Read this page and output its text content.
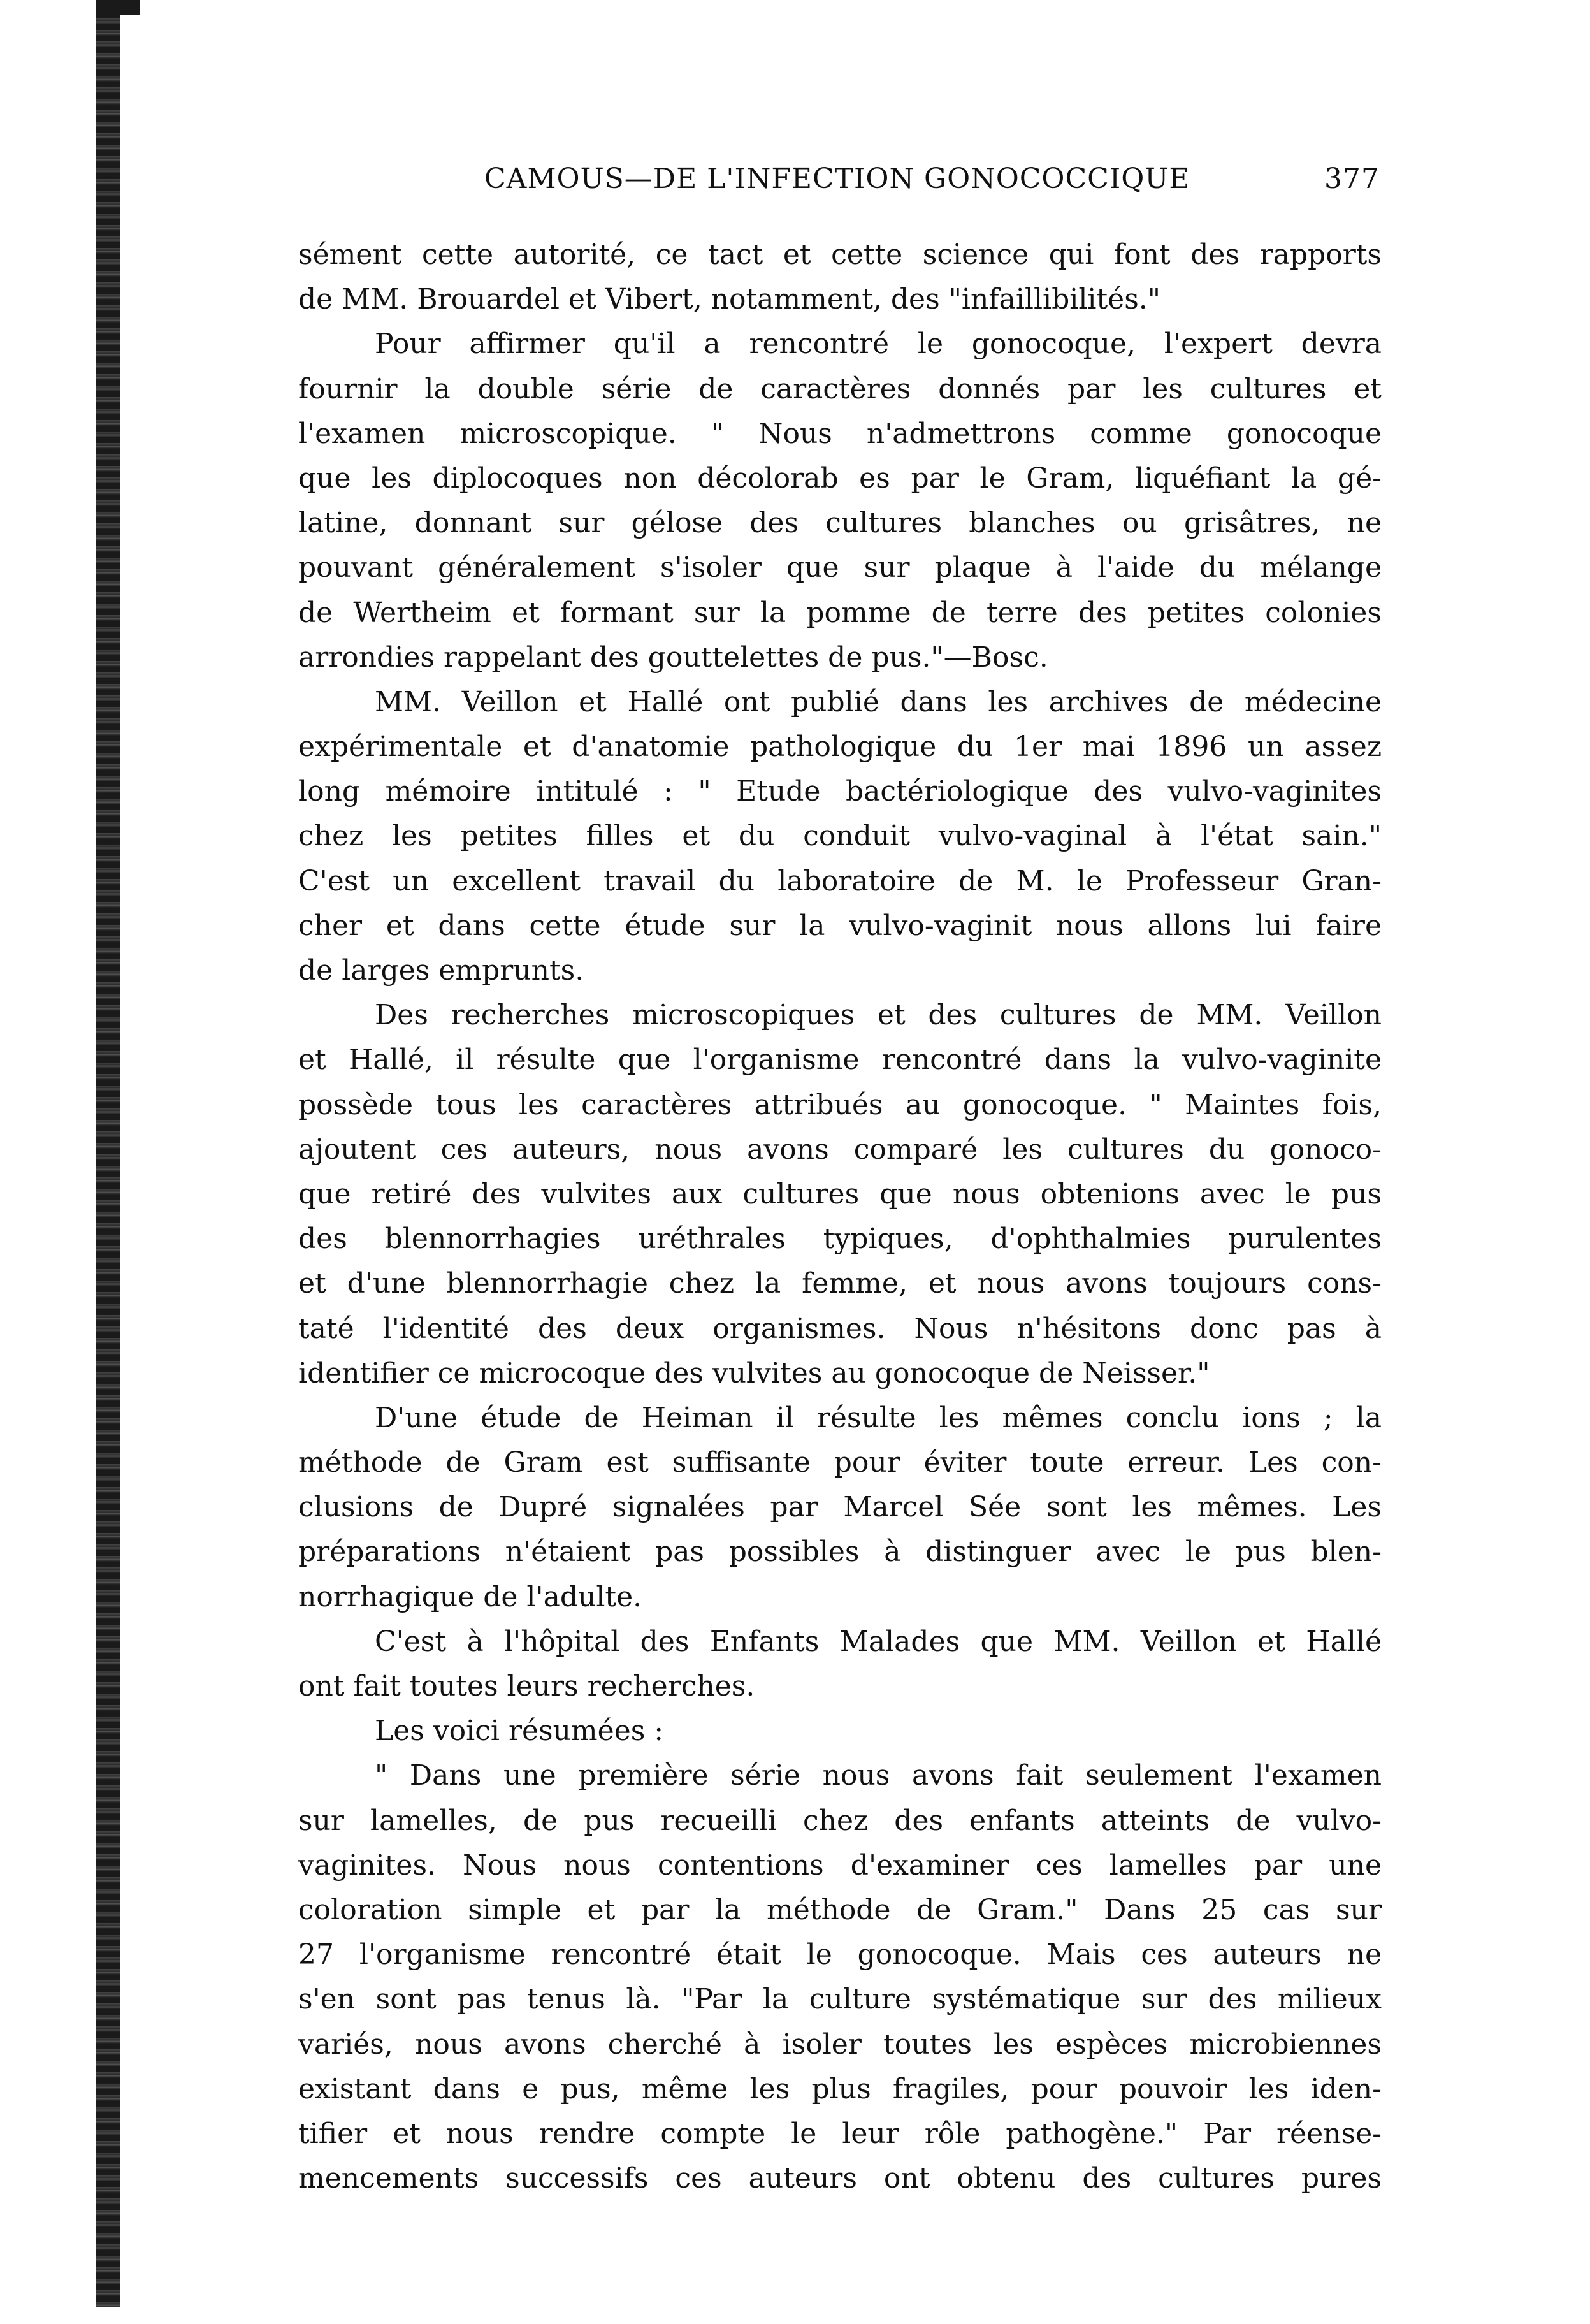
CAMOUS—DE L'INFECTION GONOCOCCIQUE	377
sément cette autorité, ce tact et cette science qui font des rapports
de MM. Brouardel et Vibert, notamment, des "infaillibilités."
Pour affirmer qu'il a rencontré le gonocoque, l'expert devra
fournir la double série de caractères donnés par les cultures et
l'examen microscopique. " Nous n'admettrons comme gonocoque
que les diplocoques non décolorab es par le Gram, liquéfiant la gé-
latine, donnant sur gélose des cultures blanches ou grisâtres, ne
pouvant généralement s'isoler que sur plaque à l'aide du mélange
de Wertheim et formant sur la pomme de terre des petites colonies
arrondies rappelant des gouttelettes de pus."—Bosc.
MM. Veillon et Hallé ont publié dans les archives de médecine
expérimentale et d'anatomie pathologique du 1er mai 1896 un assez
long mémoire intitulé : " Etude bactériologique des vulvo-vaginites
chez les petites filles et du conduit vulvo-vaginal à l'état sain."
C'est un excellent travail du laboratoire de M. le Professeur Gran-
cher et dans cette étude sur la vulvo-vaginit nous allons lui faire
de larges emprunts.
Des recherches microscopiques et des cultures de MM. Veillon
et Hallé, il résulte que l'organisme rencontré dans la vulvo-vaginite
possède tous les caractères attribués au gonocoque. " Maintes fois,
ajoutent ces auteurs, nous avons comparé les cultures du gonoco-
que retiré des vulvites aux cultures que nous obtenions avec le pus
des blennorrhagies uréthrales typiques, d'ophthalmies purulentes
et d'une blennorrhagie chez la femme, et nous avons toujours cons-
taté l'identité des deux organismes. Nous n'hésitons donc pas à
identifier ce microcoque des vulvites au gonocoque de Neisser."
D'une étude de Heiman il résulte les mêmes conclu ions ; la
méthode de Gram est suffisante pour éviter toute erreur. Les con-
clusions de Dupré signalées par Marcel Sée sont les mêmes. Les
préparations n'étaient pas possibles à distinguer avec le pus blen-
norrhagique de l'adulte.
C'est à l'hôpital des Enfants Malades que MM. Veillon et Hallé
ont fait toutes leurs recherches.
Les voici résumées :
" Dans une première série nous avons fait seulement l'examen
sur lamelles, de pus recueilli chez des enfants atteints de vulvo-
vaginites. Nous nous contentions d'examiner ces lamelles par une
coloration simple et par la méthode de Gram." Dans 25 cas sur
27 l'organisme rencontré était le gonocoque. Mais ces auteurs ne
s'en sont pas tenus là. "Par la culture systématique sur des milieux
variés, nous avons cherché à isoler toutes les espèces microbiennes
existant dans e pus, même les plus fragiles, pour pouvoir les iden-
tifier et nous rendre compte le leur rôle pathogène." Par réense-
mencements successifs ces auteurs ont obtenu des cultures pures
